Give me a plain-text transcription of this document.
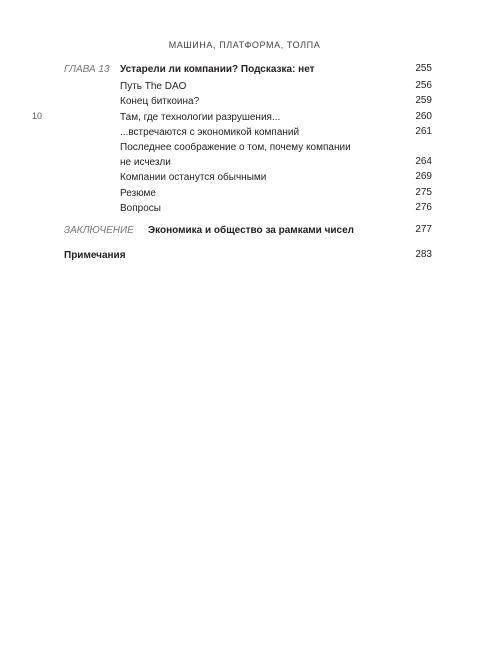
МАШИНА, ПЛАТФОРМА, ТОЛПА
10
ГЛАВА 13 Устарели ли компании? Подсказка: нет	255
Путь The DAO	256
Конец биткоина?	259
Там, где технологии разрушения...	260
...встречаются с экономикой компаний	261
Последнее соображение о том, почему компании
не исчезли	264
Компании останутся обычными	269
Резюме	275
Вопросы	276
ЗАКЛЮЧЕНИЕ Экономика и общество за рамками чисел	277
Примечания	283
